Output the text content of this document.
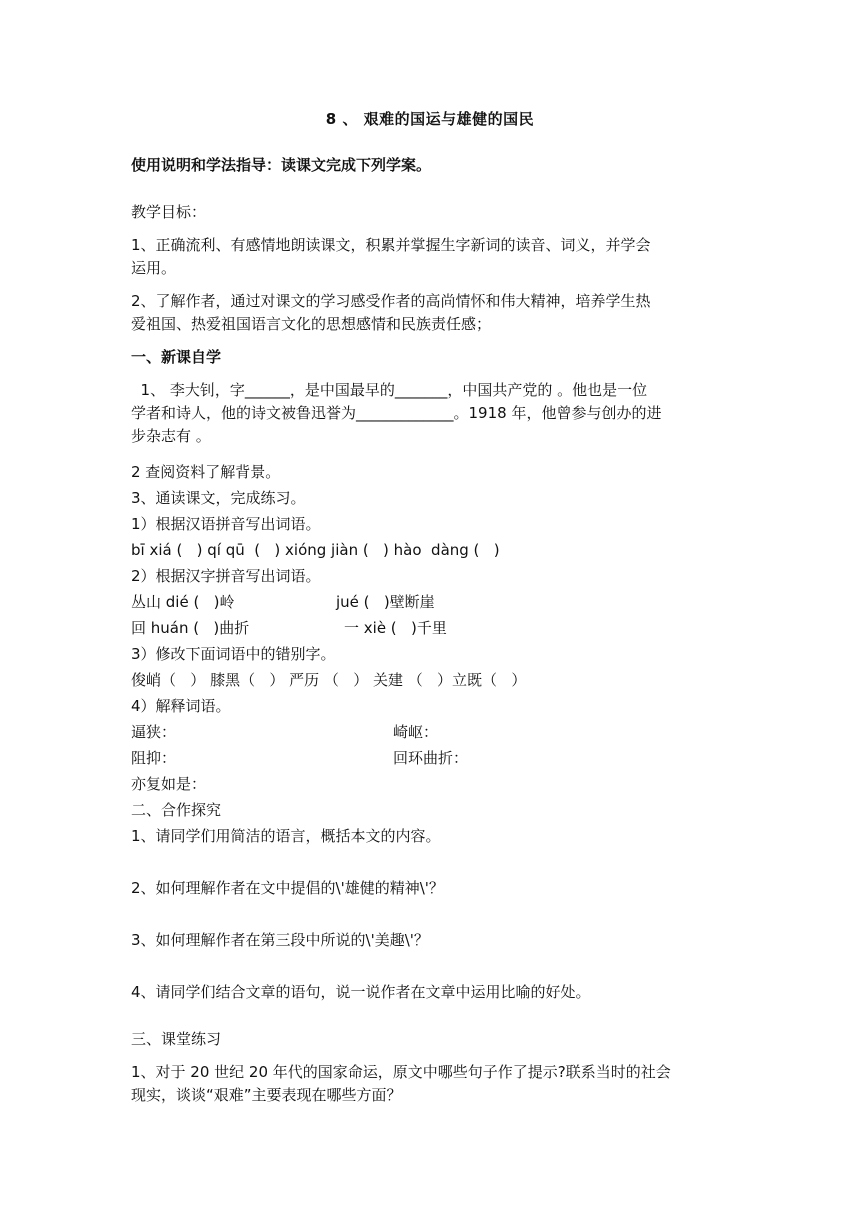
8 、 艰难的国运与雄健的国民
使用说明和学法指导：读课文完成下列学案。
教学目标：
1、正确流利、有感情地朗读课文，积累并掌握生字新词的读音、词义，并学会
运用。
2、了解作者，通过对课文的学习感受作者的高尚情怀和伟大精神，培养学生热
爱祖国、热爱祖国语言文化的思想感情和民族责任感；
一、新课自学
1、 李大钊，字______，是中国最早的_______，中国共产党的 。他也是一位
学者和诗人，他的诗文被鲁迅誉为_____________。1918 年，他曾参与创办的进
步杂志有 。
2 查阅资料了解背景。
3、通读课文，完成练习。
1）根据汉语拼音写出词语。
bī xiá (   ) qí qū  (   ) xióng jiàn (   ) hào  dàng (   )
2）根据汉字拼音写出词语。
丛山 dié (   )岭	jué (   )壁断崖
回 huán (   )曲折	一 xiè (   )千里
3）修改下面词语中的错别字。
俊峭（   ） 膝黑（   ） 严历 （   ） 关建 （   ）立既（   ）
4）解释词语。
逼狭：	崎岖：
阻抑：	回环曲折：
亦复如是：
二、合作探究
1、请同学们用简洁的语言，概括本文的内容。
2、如何理解作者在文中提倡的\'雄健的精神\'？
3、如何理解作者在第三段中所说的\'美趣\'？
4、请同学们结合文章的语句，说一说作者在文章中运用比喻的好处。
三、课堂练习
1、对于 20 世纪 20 年代的国家命运，原文中哪些句子作了提示?联系当时的社会
现实，谈谈“艰难”主要表现在哪些方面？
